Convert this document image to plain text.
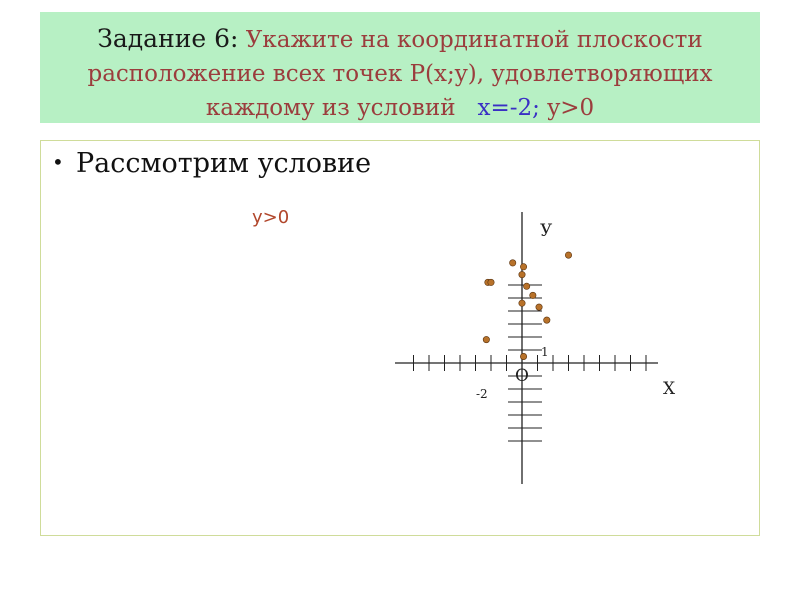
Задание 6: Укажите на координатной плоскости
расположение всех точек P(x;y), удовлетворяющих
каждому из условий x=-2; y>0
• Рассмотрим условие
y>0
У
X
O
1
-2
